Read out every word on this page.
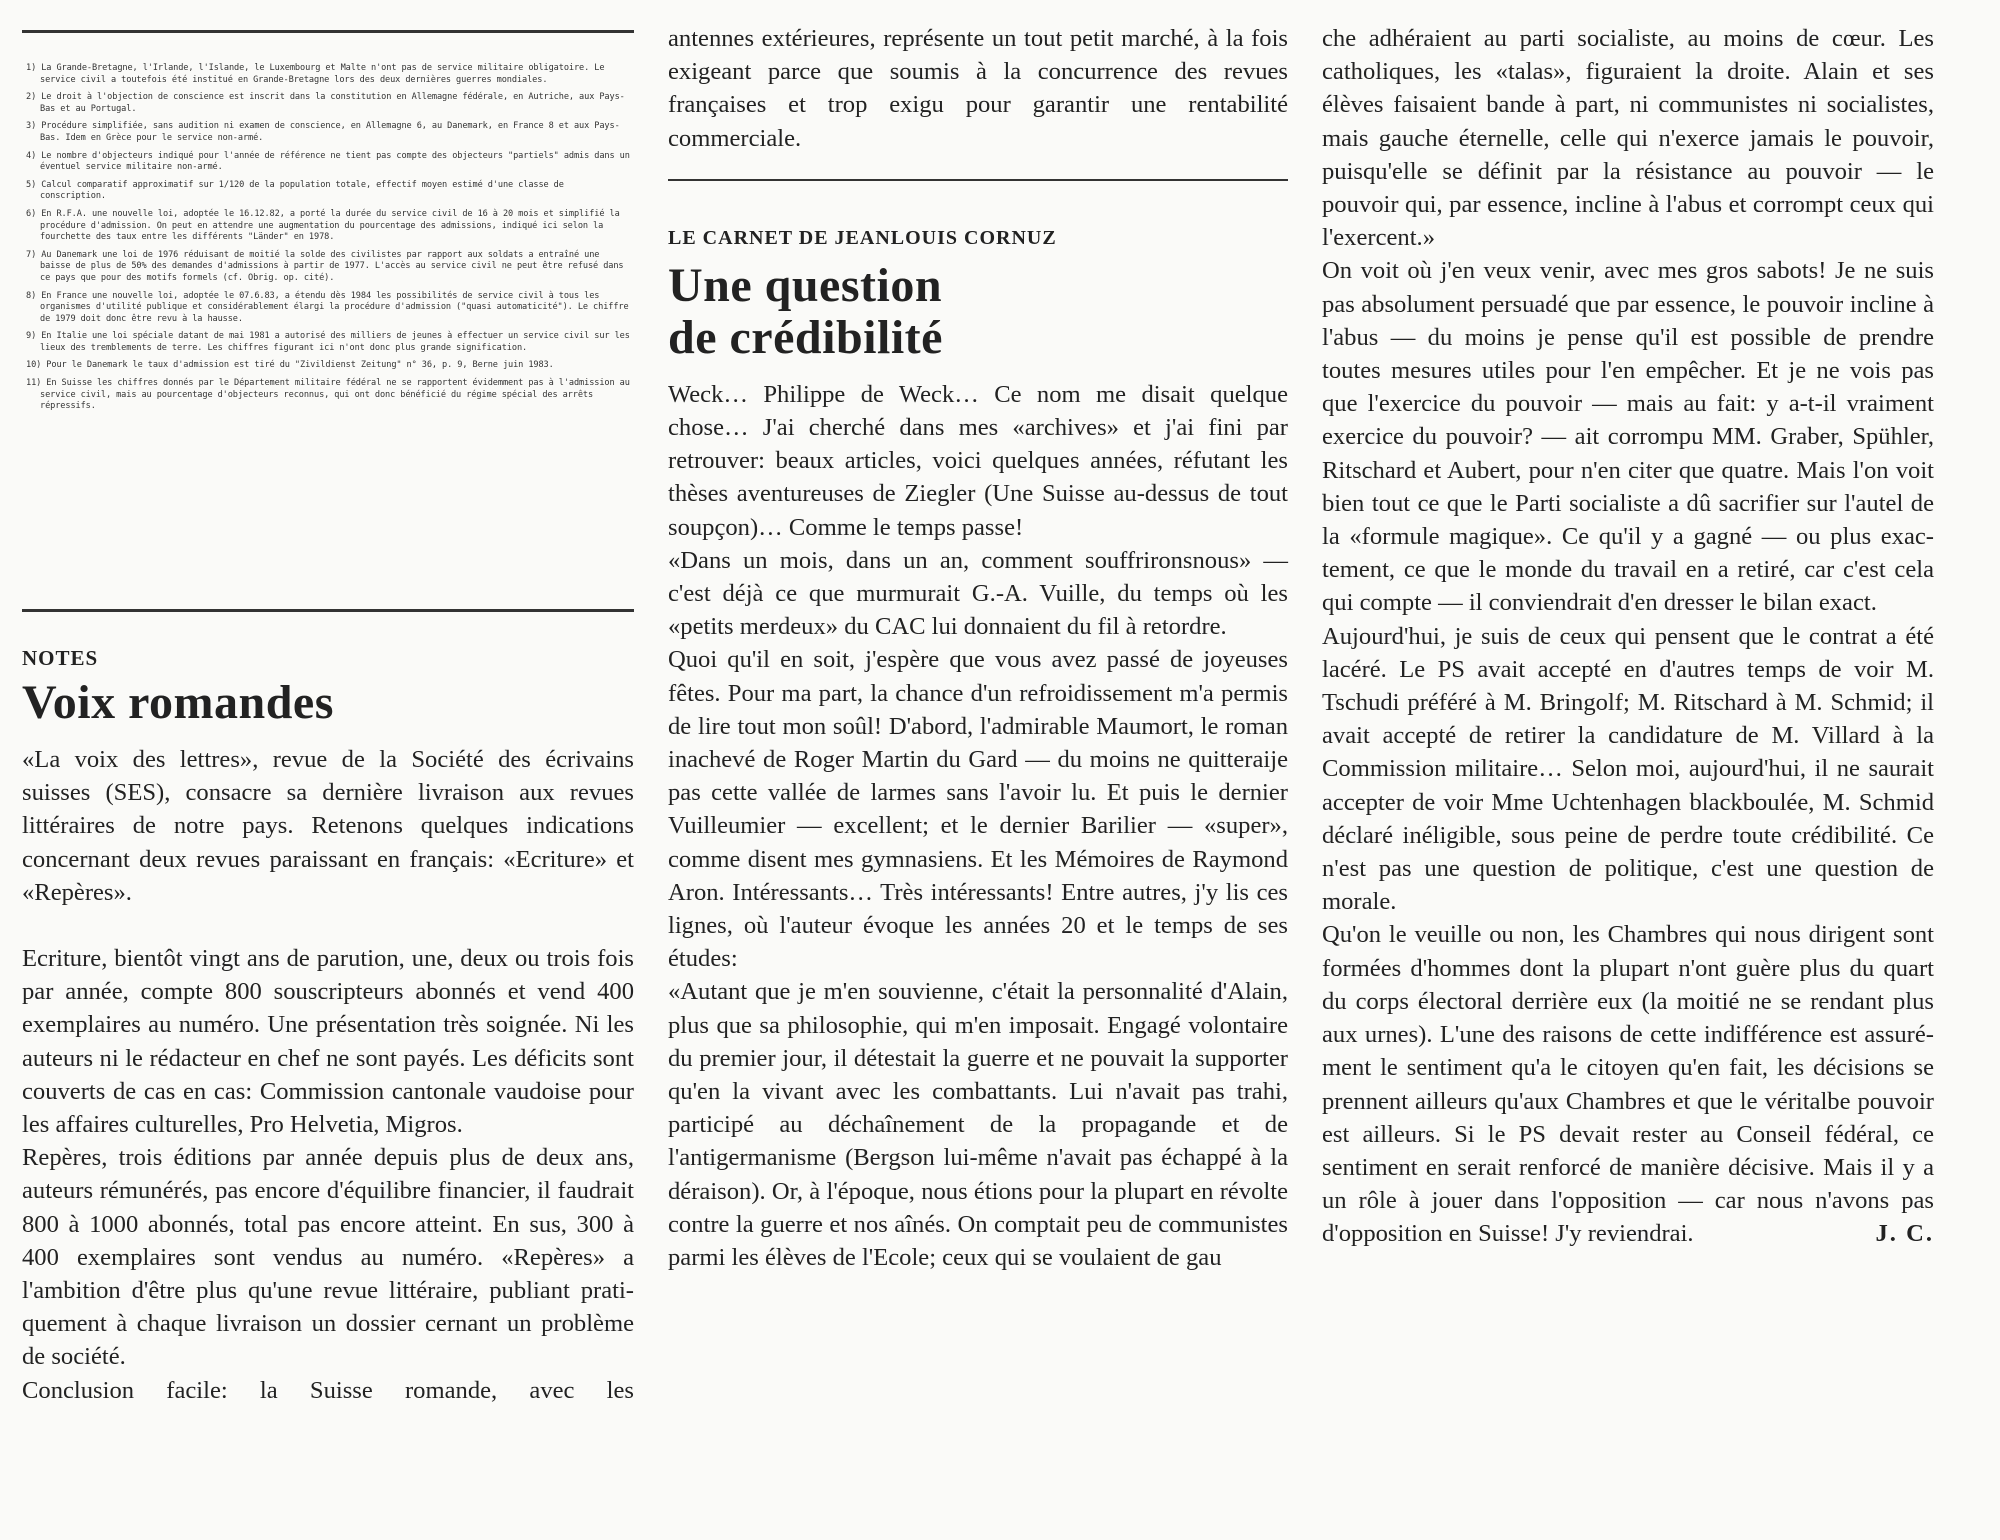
1) La Grande-Bretagne, l'Irlande, l'Islande, le Luxembourg et Malte n'ont pas de service militaire obligatoire. Le service civil a toutefois été institué en Grande-Bretagne lors des deux dernières guerres mondiales.

2) Le droit à l'objection de conscience est inscrit dans la constitution en Allemagne fédérale, en Autriche, aux Pays-Bas et au Portugal.

3) Procédure simplifiée, sans audition ni examen de conscience, en Allemagne 6, au Danemark, en France 8 et aux Pays-Bas. Idem en Grèce pour le service non-armé.

4) Le nombre d'objecteurs indiqué pour l'année de référence ne tient pas compte des objecteurs "partiels" admis dans un éventuel service militaire non-armé.

5) Calcul comparatif approximatif sur 1/120 de la population totale, effectif moyen estimé d'une classe de conscription.

6) En R.F.A. une nouvelle loi, adoptée le 16.12.82, a porté la durée du service civil de 16 à 20 mois et simplifié la procédure d'admission. On peut en attendre une augmentation du pourcentage des admissions, indiqué ici selon la fourchette des taux entre les différents "Länder" en 1978.

7) Au Danemark une loi de 1976 réduisant de moitié la solde des civilistes par rapport aux soldats a entraîné une baisse de plus de 50% des demandes d'admissions à partir de 1977. L'accès au service civil ne peut être refusé dans ce pays que pour des motifs formels (cf. Obrig. op. cité).

8) En France une nouvelle loi, adoptée le 07.6.83, a étendu dès 1984 les possibilités de service civil à tous les organismes d'utilité publique et considérablement élargi la procédure d'admission ("quasi automaticité"). Le chiffre de 1979 doit donc être revu à la hausse.

9) En Italie une loi spéciale datant de mai 1981 a autorisé des milliers de jeunes à effectuer un service civil sur les lieux des tremblements de terre. Les chiffres figurant ici n'ont donc plus grande signification.

10) Pour le Danemark le taux d'admission est tiré du "Zivildienst Zeitung" n° 36, p. 9, Berne juin 1983.

11) En Suisse les chiffres donnés par le Département militaire fédéral ne se rapportent évidemment pas à l'admission au service civil, mais au pourcentage d'objecteurs reconnus, qui ont donc bénéficié du régime spécial des arrêts répressifs.

NOTES

Voix romandes

«La voix des lettres», revue de la Société des écrivains suisses (SES), consacre sa dernière livraison aux revues littéraires de notre pays. Retenons quelques indications concernant deux revues paraissant en français: «Ecriture» et «Repères».

Ecriture, bientôt vingt ans de parution, une, deux ou trois fois par année, compte 800 souscripteurs abonnés et vend 400 exemplaires au numéro. Une présentation très soignée. Ni les auteurs ni le rédacteur en chef ne sont payés. Les déficits sont couverts de cas en cas: Commission cantonale vaudoise pour les affaires culturelles, Pro Helvetia, Migros.

Repères, trois éditions par année depuis plus de deux ans, auteurs rémunérés, pas encore d'équilibre financier, il faudrait 800 à 1000 abonnés, total pas encore atteint. En sus, 300 à 400 exemplaires sont vendus au numéro. «Repères» a l'ambition d'être plus qu'une revue littéraire, publiant pratiquement à chaque livraison un dossier cernant un problème de société.

Conclusion facile: la Suisse romande, avec les

antennes extérieures, représente un tout petit marché, à la fois exigeant parce que soumis à la concurrence des revues françaises et trop exigu pour garantir une rentabilité commerciale.

LE CARNET DE JEANLOUIS CORNUZ

Une question
de crédibilité

Weck… Philippe de Weck… Ce nom me disait quelque chose… J'ai cherché dans mes «archives» et j'ai fini par retrouver: beaux articles, voici quelques années, réfutant les thèses aventureuses de Ziegler (Une Suisse au-dessus de tout soupçon)… Comme le temps passe!

«Dans un mois, dans un an, comment souffrironsnous» — c'est déjà ce que murmurait G.-A. Vuille, du temps où les «petits merdeux» du CAC lui donnaient du fil à retordre.

Quoi qu'il en soit, j'espère que vous avez passé de joyeuses fêtes. Pour ma part, la chance d'un refroidissement m'a permis de lire tout mon soûl! D'abord, l'admirable Maumort, le roman inachevé de Roger Martin du Gard — du moins ne quitteraije pas cette vallée de larmes sans l'avoir lu. Et puis le dernier Vuilleumier — excellent; et le dernier Barilier — «super», comme disent mes gymnasiens. Et les Mémoires de Raymond Aron. Intéressants… Très intéressants! Entre autres, j'y lis ces lignes, où l'auteur évoque les années 20 et le temps de ses études:

«Autant que je m'en souvienne, c'était la personnalité d'Alain, plus que sa philosophie, qui m'en imposait. Engagé volontaire du premier jour, il détestait la guerre et ne pouvait la supporter qu'en la vivant avec les combattants. Lui n'avait pas trahi, participé au déchaînement de la propagande et de l'antigermanisme (Bergson lui-même n'avait pas échappé à la déraison). Or, à l'époque, nous étions pour la plupart en révolte contre la guerre et nos aînés. On comptait peu de communistes parmi les élèves de l'Ecole; ceux qui se voulaient de gau

che adhéraient au parti socialiste, au moins de cœur. Les catholiques, les «talas», figuraient la droite. Alain et ses élèves faisaient bande à part, ni communistes ni socialistes, mais gauche éternelle, celle qui n'exerce jamais le pouvoir, puisqu'elle se définit par la résistance au pouvoir — le pouvoir qui, par essence, incline à l'abus et corrompt ceux qui l'exercent.»

On voit où j'en veux venir, avec mes gros sabots! Je ne suis pas absolument persuadé que par essence, le pouvoir incline à l'abus — du moins je pense qu'il est possible de prendre toutes mesures utiles pour l'en empêcher. Et je ne vois pas que l'exercice du pouvoir — mais au fait: y a-t-il vraiment exercice du pouvoir? — ait corrompu MM. Graber, Spühler, Ritschard et Aubert, pour n'en citer que quatre. Mais l'on voit bien tout ce que le Parti socialiste a dû sacrifier sur l'autel de la «formule magique». Ce qu'il y a gagné — ou plus exactement, ce que le monde du travail en a retiré, car c'est cela qui compte — il conviendrait d'en dresser le bilan exact.

Aujourd'hui, je suis de ceux qui pensent que le contrat a été lacéré. Le PS avait accepté en d'autres temps de voir M. Tschudi préféré à M. Bringolf; M. Ritschard à M. Schmid; il avait accepté de retirer la candidature de M. Villard à la Commission militaire… Selon moi, aujourd'hui, il ne saurait accepter de voir Mme Uchtenhagen blackboulée, M. Schmid déclaré inéligible, sous peine de perdre toute crédibilité. Ce n'est pas une question de politique, c'est une question de morale.

Qu'on le veuille ou non, les Chambres qui nous dirigent sont formées d'hommes dont la plupart n'ont guère plus du quart du corps électoral derrière eux (la moitié ne se rendant plus aux urnes). L'une des raisons de cette indifférence est assurément le sentiment qu'a le citoyen qu'en fait, les décisions se prennent ailleurs qu'aux Chambres et que le véritalbe pouvoir est ailleurs. Si le PS devait rester au Conseil fédéral, ce sentiment en serait renforcé de manière décisive. Mais il y a un rôle à jouer dans l'opposition — car nous n'avons pas d'opposition en Suisse! J'y reviendrai.	J. C.
